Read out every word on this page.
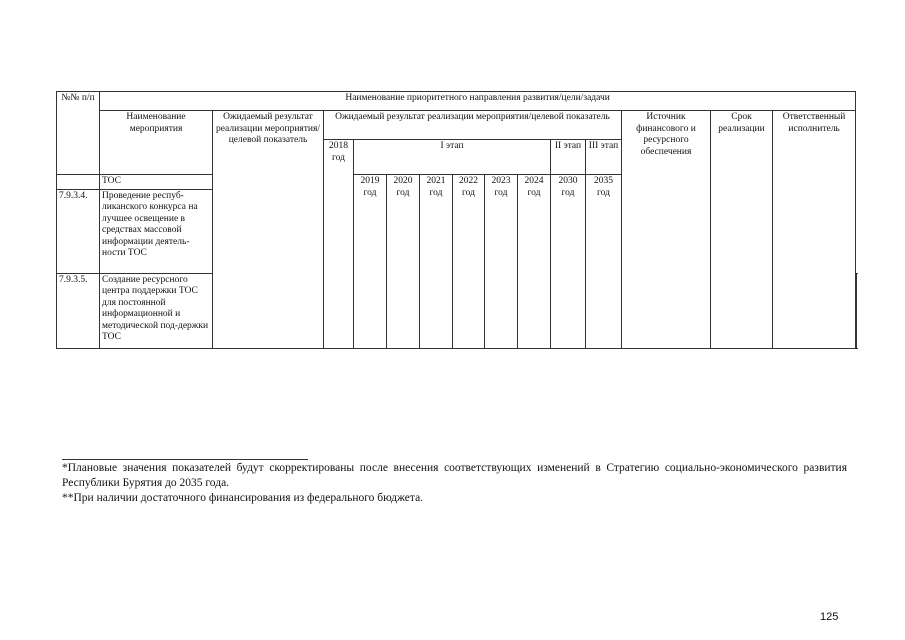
№№ п/п	Наименование приоритетного направления развития/цели/задачи														
	Наименование мероприятия	Ожидаемый результат реализации мероприятия/целевой показатель	Ожидаемый результат реализации мероприятия/целевой показатель									Источник финансового и ресурсного обеспечения	Срок реализации	Ответственный исполнитель	
			2018 год	I этап						II этап	III этап				
				2019 год	2020 год	2021 год	2022 год	2023 год	2024 год	2030 год	2035 год				
	ТОС														
7.9.3.4.	Проведение респуб-ликанского конкурса на лучшее освещение в средствах массовой информации деятель-ности ТОС														
7.9.3.5.	Создание ресурсного центра поддержки ТОС для постоянной информационной и методической под-держки ТОС														
*Плановые значения показателей будут скорректированы после внесения соответствующих изменений в Стратегию социально-экономического развития Республики Бурятия до 2035 года.
**При наличии достаточного финансирования из федерального бюджета.
125
